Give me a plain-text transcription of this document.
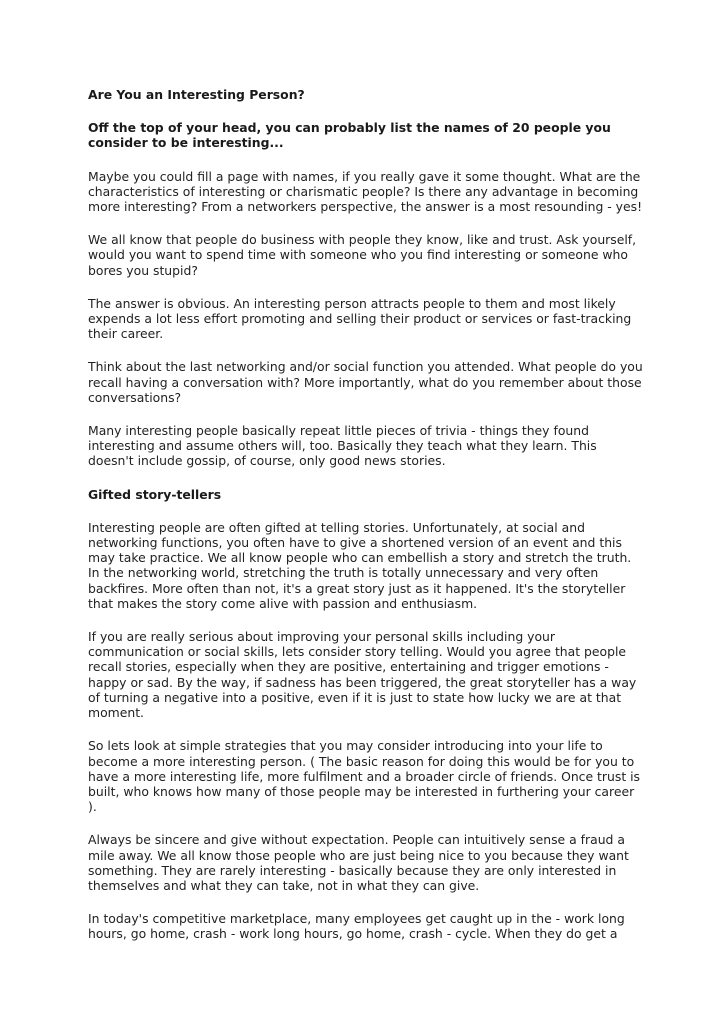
Are You an Interesting Person?
Off the top of your head, you can probably list the names of 20 people you consider to be interesting...
Maybe you could fill a page with names, if you really gave it some thought. What are the characteristics of interesting or charismatic people? Is there any advantage in becoming more interesting? From a networkers perspective, the answer is a most resounding - yes!
We all know that people do business with people they know, like and trust. Ask yourself, would you want to spend time with someone who you find interesting or someone who bores you stupid?
The answer is obvious. An interesting person attracts people to them and most likely expends a lot less effort promoting and selling their product or services or fast-tracking their career.
Think about the last networking and/or social function you attended. What people do you recall having a conversation with? More importantly, what do you remember about those conversations?
Many interesting people basically repeat little pieces of trivia - things they found interesting and assume others will, too. Basically they teach what they learn. This doesn't include gossip, of course, only good news stories.
Gifted story-tellers
Interesting people are often gifted at telling stories. Unfortunately, at social and networking functions, you often have to give a shortened version of an event and this may take practice. We all know people who can embellish a story and stretch the truth. In the networking world, stretching the truth is totally unnecessary and very often backfires. More often than not, it's a great story just as it happened. It's the storyteller that makes the story come alive with passion and enthusiasm.
If you are really serious about improving your personal skills including your communication or social skills, lets consider story telling. Would you agree that people recall stories, especially when they are positive, entertaining and trigger emotions - happy or sad. By the way, if sadness has been triggered, the great storyteller has a way of turning a negative into a positive, even if it is just to state how lucky we are at that moment.
So lets look at simple strategies that you may consider introducing into your life to become a more interesting person. ( The basic reason for doing this would be for you to have a more interesting life, more fulfilment and a broader circle of friends. Once trust is built, who knows how many of those people may be interested in furthering your career ).
Always be sincere and give without expectation. People can intuitively sense a fraud a mile away. We all know those people who are just being nice to you because they want something. They are rarely interesting - basically because they are only interested in themselves and what they can take, not in what they can give.
In today's competitive marketplace, many employees get caught up in the - work long hours, go home, crash - work long hours, go home, crash - cycle. When they do get a
